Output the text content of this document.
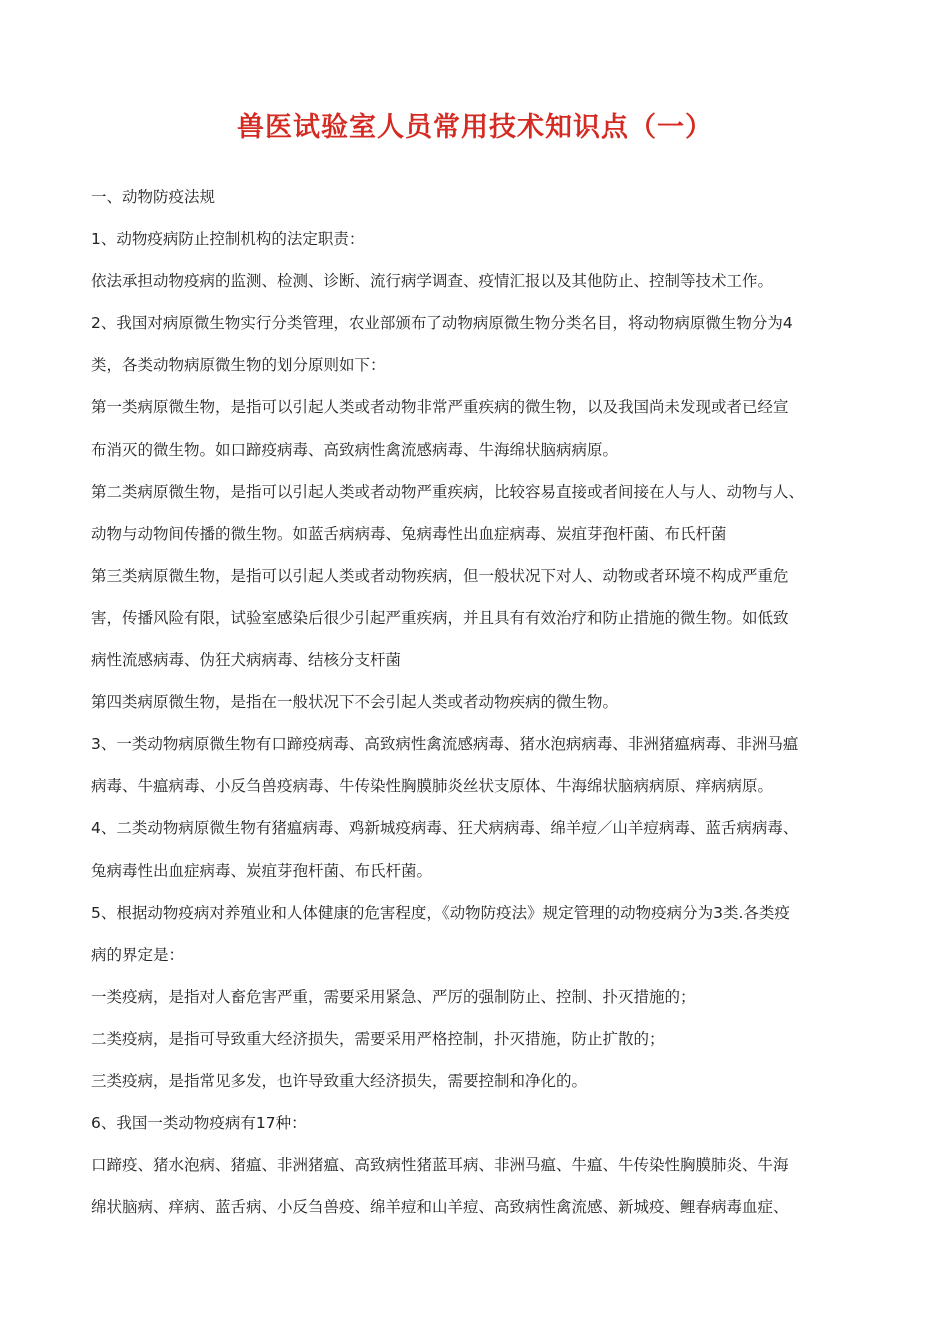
兽医试验室人员常用技术知识点（一）
一、动物防疫法规
1、动物疫病防止控制机构的法定职责：
依法承担动物疫病的监测、检测、诊断、流行病学调查、疫情汇报以及其他防止、控制等技术工作。
2、我国对病原微生物实行分类管理，农业部颁布了动物病原微生物分类名目，将动物病原微生物分为4
类，各类动物病原微生物的划分原则如下：
第一类病原微生物，是指可以引起人类或者动物非常严重疾病的微生物，以及我国尚未发现或者已经宣
布消灭的微生物。如口蹄疫病毒、高致病性禽流感病毒、牛海绵状脑病病原。
第二类病原微生物，是指可以引起人类或者动物严重疾病，比较容易直接或者间接在人与人、动物与人、
动物与动物间传播的微生物。如蓝舌病病毒、兔病毒性出血症病毒、炭疽芽孢杆菌、布氏杆菌
第三类病原微生物，是指可以引起人类或者动物疾病，但一般状况下对人、动物或者环境不构成严重危
害，传播风险有限，试验室感染后很少引起严重疾病，并且具有有效治疗和防止措施的微生物。如低致
病性流感病毒、伪狂犬病病毒、结核分支杆菌
第四类病原微生物，是指在一般状况下不会引起人类或者动物疾病的微生物。
3、一类动物病原微生物有口蹄疫病毒、高致病性禽流感病毒、猪水泡病病毒、非洲猪瘟病毒、非洲马瘟
病毒、牛瘟病毒、小反刍兽疫病毒、牛传染性胸膜肺炎丝状支原体、牛海绵状脑病病原、痒病病原。
4、二类动物病原微生物有猪瘟病毒、鸡新城疫病毒、狂犬病病毒、绵羊痘／山羊痘病毒、蓝舌病病毒、
兔病毒性出血症病毒、炭疽芽孢杆菌、布氏杆菌。
5、根据动物疫病对养殖业和人体健康的危害程度，《动物防疫法》规定管理的动物疫病分为3类.各类疫
病的界定是：
一类疫病，是指对人畜危害严重，需要采用紧急、严厉的强制防止、控制、扑灭措施的；
二类疫病，是指可导致重大经济损失，需要采用严格控制，扑灭措施，防止扩散的；
三类疫病，是指常见多发，也许导致重大经济损失，需要控制和净化的。
6、我国一类动物疫病有17种：
口蹄疫、猪水泡病、猪瘟、非洲猪瘟、高致病性猪蓝耳病、非洲马瘟、牛瘟、牛传染性胸膜肺炎、牛海
绵状脑病、痒病、蓝舌病、小反刍兽疫、绵羊痘和山羊痘、高致病性禽流感、新城疫、鲤春病毒血症、
